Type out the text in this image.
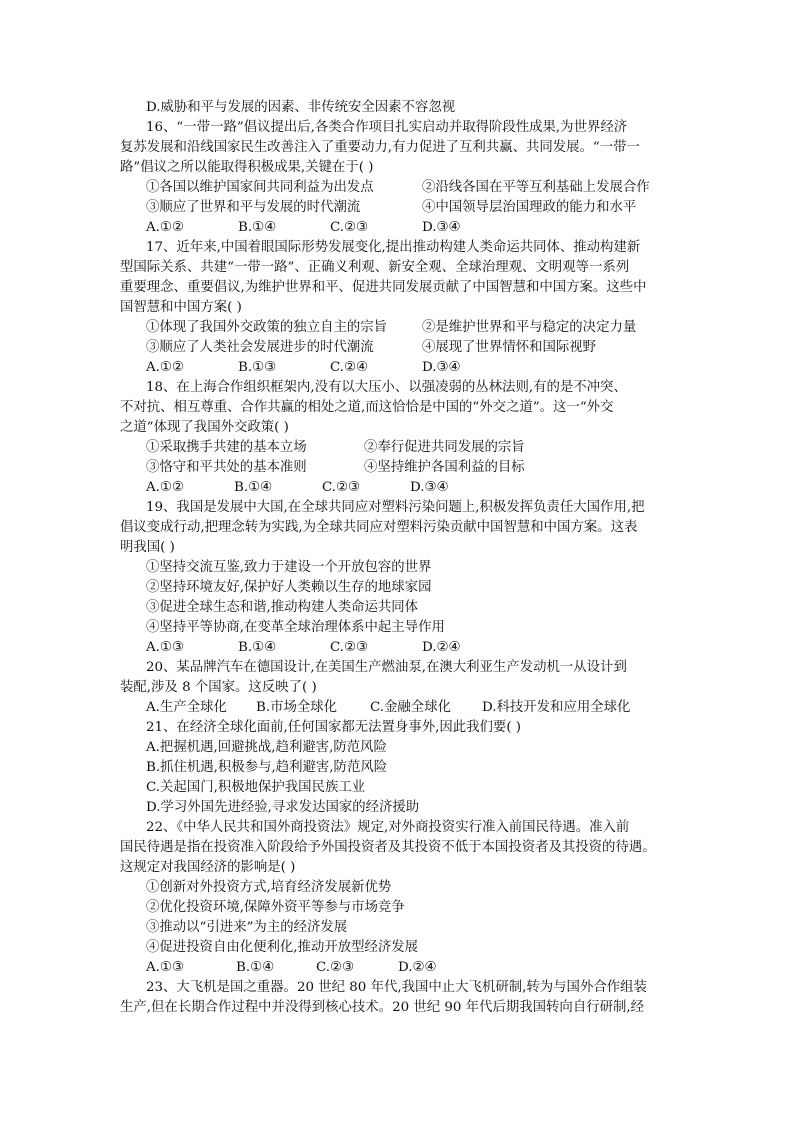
D.威胁和平与发展的因素、非传统安全因素不容忽视
16、“一带一路”倡议提出后,各类合作项目扎实启动并取得阶段性成果,为世界经济
复苏发展和沿线国家民生改善注入了重要动力,有力促进了互利共赢、共同发展。“一带一
路”倡议之所以能取得积极成果,关键在于( )
①各国以维护国家间共同利益为出发点	②沿线各国在平等互利基础上发展合作
③顺应了世界和平与发展的时代潮流	④中国领导层治国理政的能力和水平
A.①②	B.①④	C.②③	D.③④
17、近年来,中国着眼国际形势发展变化,提出推动构建人类命运共同体、推动构建新
型国际关系、共建“一带一路”、正确义利观、新安全观、全球治理观、文明观等一系列
重要理念、重要倡议,为维护世界和平、促进共同发展贡献了中国智慧和中国方案。这些中
国智慧和中国方案( )
①体现了我国外交政策的独立自主的宗旨	②是维护世界和平与稳定的决定力量
③顺应了人类社会发展进步的时代潮流	④展现了世界情怀和国际视野
A.①②	B.①③	C.②④	D.③④
18、在上海合作组织框架内,没有以大压小、以强凌弱的丛林法则,有的是不冲突、
不对抗、相互尊重、合作共赢的相处之道,而这恰恰是中国的“外交之道”。这一“外交
之道”体现了我国外交政策( )
①采取携手共建的基本立场	②奉行促进共同发展的宗旨
③恪守和平共处的基本准则	④坚持维护各国利益的目标
A.①②	B.①④	C.②③	D.③④
19、我国是发展中大国,在全球共同应对塑料污染问题上,积极发挥负责任大国作用,把
倡议变成行动,把理念转为实践,为全球共同应对塑料污染贡献中国智慧和中国方案。这表
明我国( )
①坚持交流互鉴,致力于建设一个开放包容的世界
②坚持环境友好,保护好人类赖以生存的地球家园
③促进全球生态和谐,推动构建人类命运共同体
④坚持平等协商,在变革全球治理体系中起主导作用
A.①③	B.①④	C.②③	D.②④
20、某品牌汽车在德国设计,在美国生产燃油泵,在澳大利亚生产发动机一从设计到
装配,涉及 8 个国家。这反映了( )
A.生产全球化 B.市场全球化 C.金融全球化 D.科技开发和应用全球化
21、在经济全球化面前,任何国家都无法置身事外,因此我们要( )
A.把握机遇,回避挑战,趋利避害,防范风险
B.抓住机遇,积极参与,趋利避害,防范风险
C.关起国门,积极地保护我国民族工业
D.学习外国先进经验,寻求发达国家的经济援助
22、《中华人民共和国外商投资法》规定,对外商投资实行准入前国民待遇。准入前
国民待遇是指在投资准入阶段给予外国投资者及其投资不低于本国投资者及其投资的待遇。
这规定对我国经济的影响是( )
①创新对外投资方式,培育经济发展新优势
②优化投资环境,保障外资平等参与市场竞争
③推动以“引进来”为主的经济发展
④促进投资自由化便利化,推动开放型经济发展
A.①③	B.①④	C.②③	D.②④
23、大飞机是国之重器。20 世纪 80 年代,我国中止大飞机研制,转为与国外合作组装
生产,但在长期合作过程中并没得到核心技术。20 世纪 90 年代后期我国转向自行研制,经
